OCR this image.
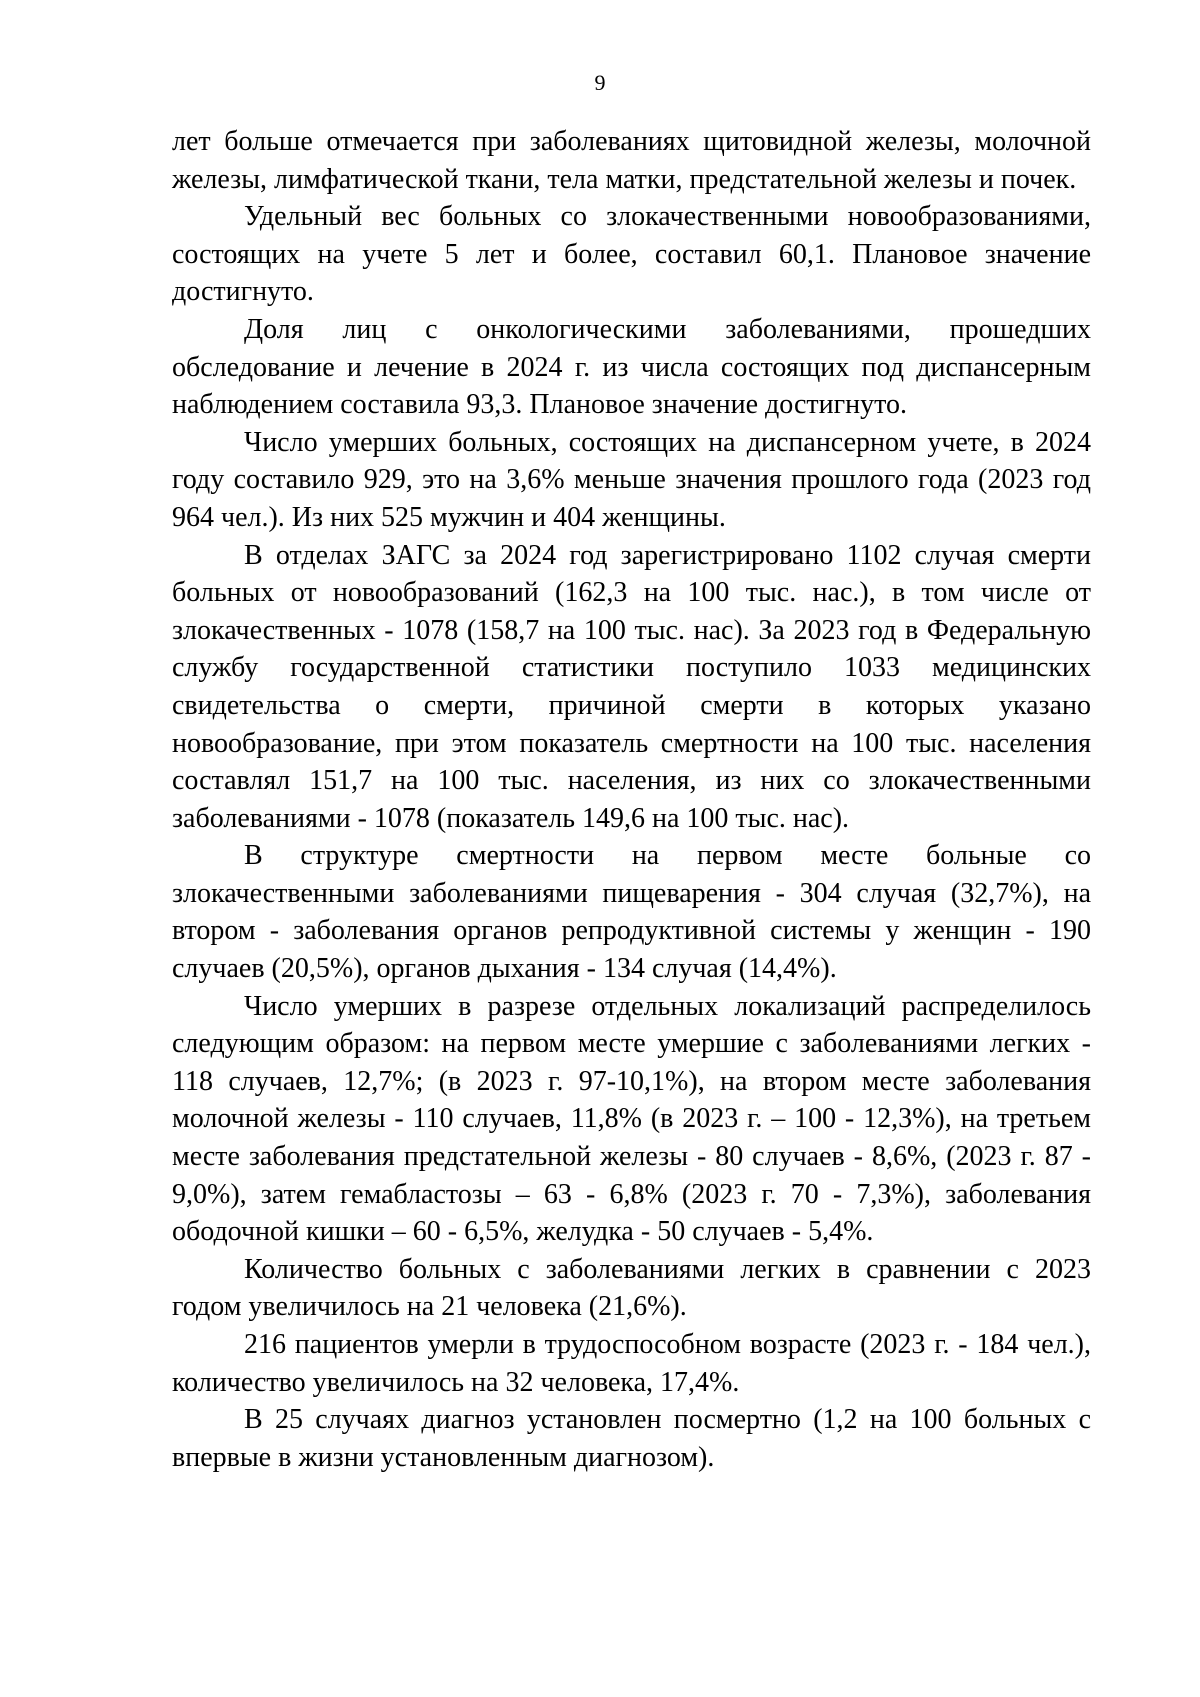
9

лет больше отмечается при заболеваниях щитовидной железы, молочной железы, лимфатической ткани, тела матки, предстательной железы и почек.

Удельный вес больных со злокачественными новообразованиями, состоящих на учете 5 лет и более, составил 60,1. Плановое значение достигнуто.

Доля лиц с онкологическими заболеваниями, прошедших обследование и лечение в 2024 г. из числа состоящих под диспансерным наблюдением составила 93,3. Плановое значение достигнуто.

Число умерших больных, состоящих на диспансерном учете, в 2024 году составило 929, это на 3,6% меньше значения прошлого года (2023 год 964 чел.). Из них 525 мужчин и 404 женщины.

В отделах ЗАГС за 2024 год зарегистрировано 1102 случая смерти больных от новообразований (162,3 на 100 тыс. нас.), в том числе от злокачественных - 1078 (158,7 на 100 тыс. нас). За 2023 год в Федеральную службу государственной статистики поступило 1033 медицинских свидетельства о смерти, причиной смерти в которых указано новообразование, при этом показатель смертности на 100 тыс. населения составлял 151,7 на 100 тыс. населения, из них со злокачественными заболеваниями - 1078 (показатель 149,6 на 100 тыс. нас).

В структуре смертности на первом месте больные со злокачественными заболеваниями пищеварения - 304 случая (32,7%), на втором - заболевания органов репродуктивной системы у женщин - 190 случаев (20,5%), органов дыхания - 134 случая (14,4%).

Число умерших в разрезе отдельных локализаций распределилось следующим образом: на первом месте умершие с заболеваниями легких - 118 случаев, 12,7%; (в 2023 г. 97-10,1%), на втором месте заболевания молочной железы - 110 случаев, 11,8% (в 2023 г. – 100 - 12,3%), на третьем месте заболевания предстательной железы - 80 случаев - 8,6%, (2023 г. 87 - 9,0%), затем гемабластозы – 63 - 6,8% (2023 г. 70 - 7,3%), заболевания ободочной кишки – 60 - 6,5%, желудка - 50 случаев - 5,4%.

Количество больных с заболеваниями легких в сравнении с 2023 годом увеличилось на 21 человека (21,6%).

216 пациентов умерли в трудоспособном возрасте (2023 г. - 184 чел.), количество увеличилось на 32 человека, 17,4%.

В 25 случаях диагноз установлен посмертно (1,2 на 100 больных с впервые в жизни установленным диагнозом).
